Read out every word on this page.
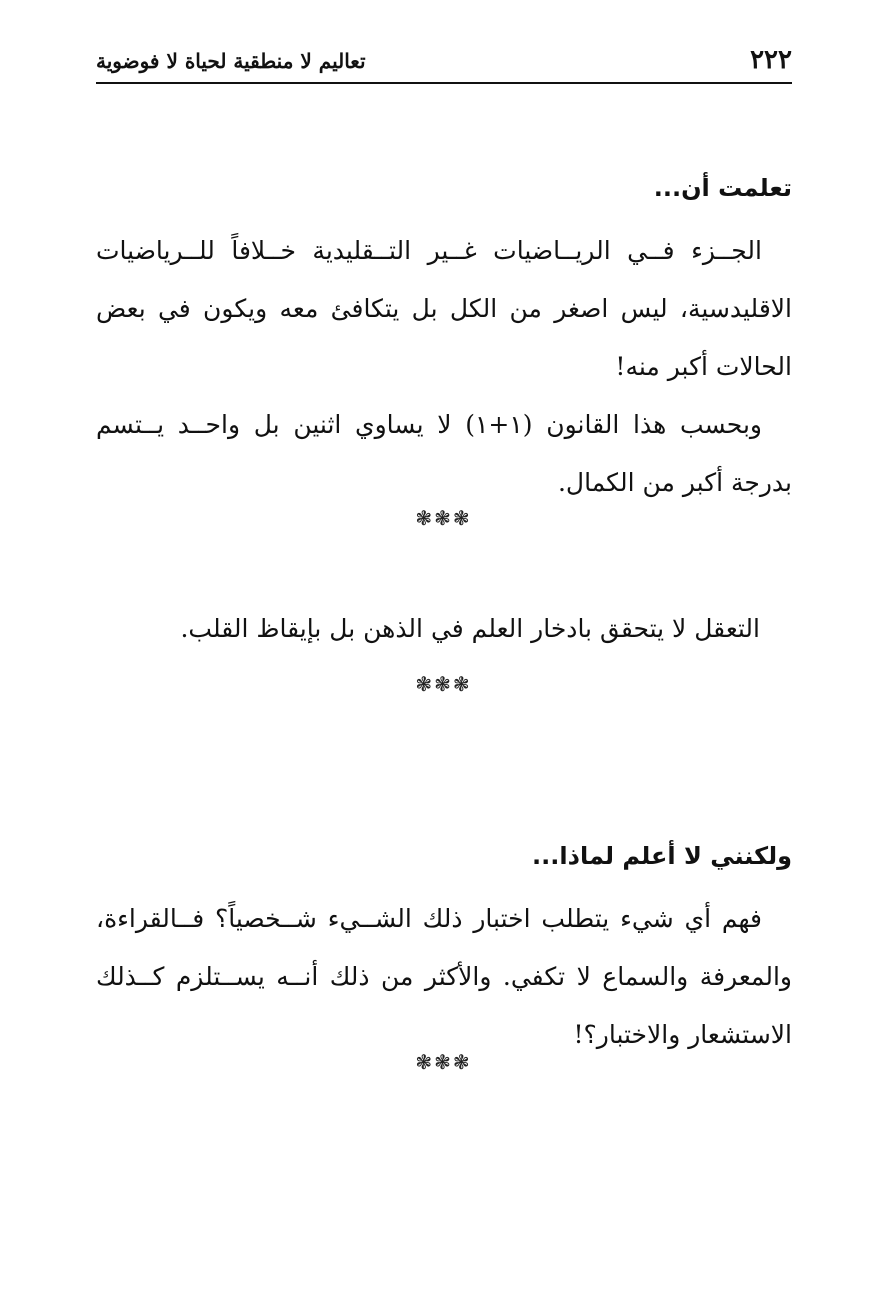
٢٢٢
تعاليم لا منطقية لحياة لا فوضوية

تعلمت أن...

الجــزء فــي الريــاضيات غــير التــقليدية خــلافاً للــرياضيات الاقليدسية، ليس اصغر من الكل بل يتكافئ معه ويكون في بعض الحالات أكبر منه!

وبحسب هذا القانون (١+١) لا يساوي اثنين بل واحــد يــتسم بدرجة أكبر من الكمال.

❃❃❃

التعقل لا يتحقق بادخار العلم في الذهن بل بإيقاظ القلب.

❃❃❃

ولكنني لا أعلم لماذا...

فهم أي شيء يتطلب اختبار ذلك الشــيء شــخصياً؟ فــالقراءة، والمعرفة والسماع لا تكفي. والأكثر من ذلك أنــه يســتلزم كــذلك الاستشعار والاختبار؟!

❃❃❃
